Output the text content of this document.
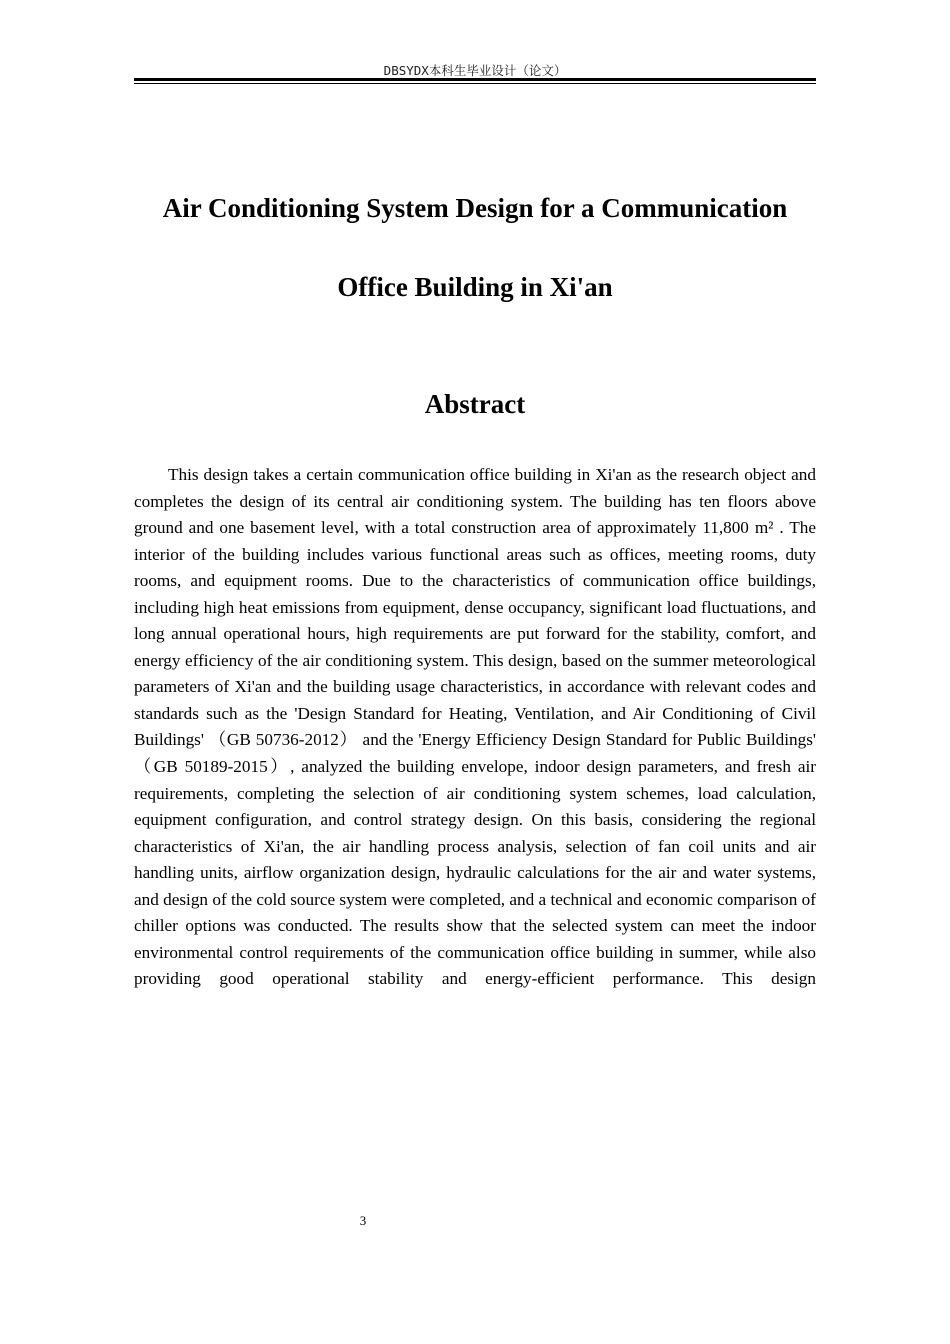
DBSYDX本科生毕业设计（论文）
Air Conditioning System Design for a Communication
Office Building in Xi'an
Abstract

This design takes a certain communication office building in Xi'an as the research object and completes the design of its central air conditioning system. The building has ten floors above ground and one basement level, with a total construction area of approximately 11,800 m² . The interior of the building includes various functional areas such as offices, meeting rooms, duty rooms, and equipment rooms. Due to the characteristics of communication office buildings, including high heat emissions from equipment, dense occupancy, significant load fluctuations, and long annual operational hours, high requirements are put forward for the stability, comfort, and energy efficiency of the air conditioning system. This design, based on the summer meteorological parameters of Xi'an and the building usage characteristics, in accordance with relevant codes and standards such as the 'Design Standard for Heating, Ventilation, and Air Conditioning of Civil Buildings' （GB 50736-2012） and the 'Energy Efficiency Design Standard for Public Buildings' （GB 50189-2015）, analyzed the building envelope, indoor design parameters, and fresh air requirements, completing the selection of air conditioning system schemes, load calculation, equipment configuration, and control strategy design. On this basis, considering the regional characteristics of Xi'an, the air handling process analysis, selection of fan coil units and air handling units, airflow organization design, hydraulic calculations for the air and water systems, and design of the cold source system were completed, and a technical and economic comparison of chiller options was conducted. The results show that the selected system can meet the indoor environmental control requirements of the communication office building in summer, while also providing good operational stability and energy-efficient performance. This design

3
